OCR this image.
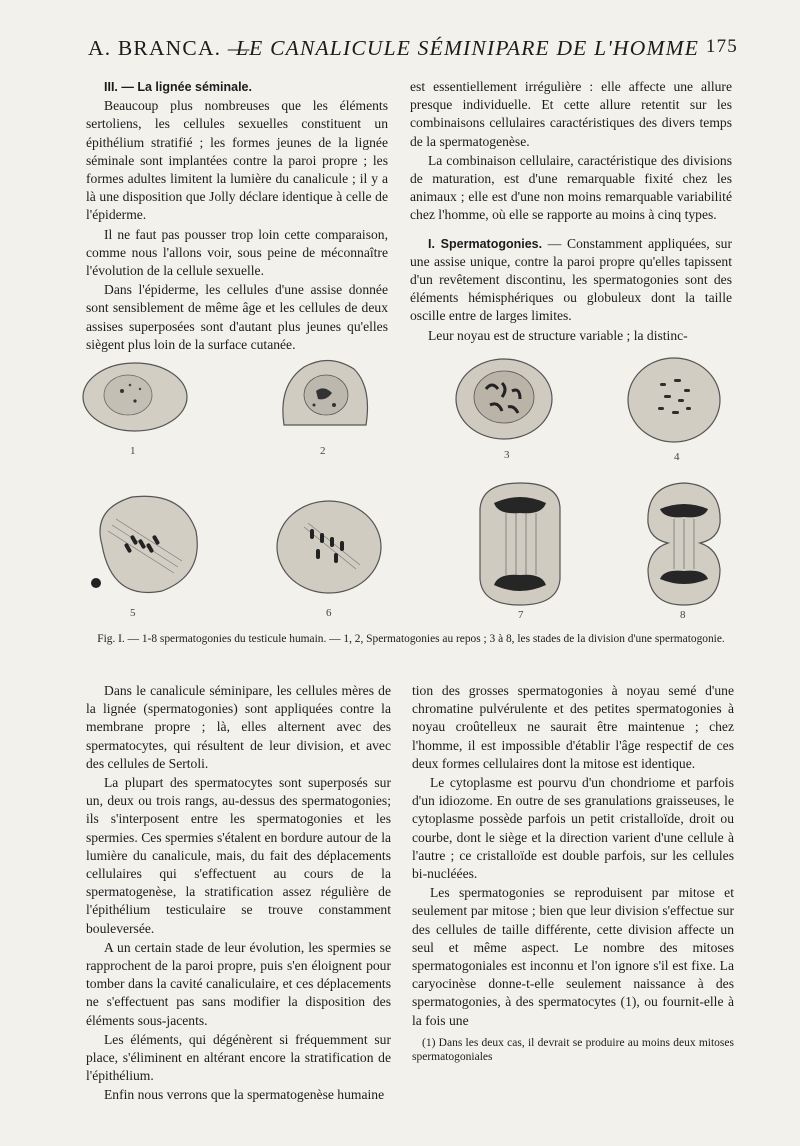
A. BRANCA. —
LE CANALICULE SÉMINIPARE DE L'HOMME 175

III. — La lignée séminale.

Beaucoup plus nombreuses que les éléments sertoliens, les cellules sexuelles constituent un épithélium stratifié ; les formes jeunes de la lignée séminale sont implantées contre la paroi propre ; les formes adultes limitent la lumière du canalicule ; il y a là une disposition que Jolly déclare identique à celle de l'épiderme.

Il ne faut pas pousser trop loin cette comparaison, comme nous l'allons voir, sous peine de méconnaître l'évolution de la cellule sexuelle.

Dans l'épiderme, les cellules d'une assise donnée sont sensiblement de même âge et les cellules de deux assises superposées sont d'autant plus jeunes qu'elles siègent plus loin de la surface cutanée.

est essentiellement irrégulière : elle affecte une allure presque individuelle. Et cette allure retentit sur les combinaisons cellulaires caractéristiques des divers temps de la spermatogenèse.

La combinaison cellulaire, caractéristique des divisions de maturation, est d'une remarquable fixité chez les animaux ; elle est d'une non moins remarquable variabilité chez l'homme, où elle se rapporte au moins à cinq types.

I. Spermatogonies. — Constamment appliquées, sur une assise unique, contre la paroi propre qu'elles tapissent d'un revêtement discontinu, les spermatogonies sont des éléments hémisphériques ou globuleux dont la taille oscille entre de larges limites.

Leur noyau est de structure variable ; la distinc-

1	2	3	4
5	6	7	8
Fig. I. — 1-8 spermatogonies du testicule humain. — 1, 2, Spermatogonies au repos ; 3 à 8, les stades de la division d'une spermatogonie.

Dans le canalicule séminipare, les cellules mères de la lignée (spermatogonies) sont appliquées contre la membrane propre ; là, elles alternent avec des spermatocytes, qui résultent de leur division, et avec des cellules de Sertoli.

La plupart des spermatocytes sont superposés sur un, deux ou trois rangs, au-dessus des spermatogonies; ils s'interposent entre les spermatogonies et les spermies. Ces spermies s'étalent en bordure autour de la lumière du canalicule, mais, du fait des déplacements cellulaires qui s'effectuent au cours de la spermatogenèse, la stratification assez régulière de l'épithélium testiculaire se trouve constamment bouleversée.

A un certain stade de leur évolution, les spermies se rapprochent de la paroi propre, puis s'en éloignent pour tomber dans la cavité canaliculaire, et ces déplacements ne s'effectuent pas sans modifier la disposition des éléments sous-jacents.

Les éléments, qui dégénèrent si fréquemment sur place, s'éliminent en altérant encore la stratification de l'épithélium.

Enfin nous verrons que la spermatogenèse humaine

tion des grosses spermatogonies à noyau semé d'une chromatine pulvérulente et des petites spermatogonies à noyau croûtelleux ne saurait être maintenue ; chez l'homme, il est impossible d'établir l'âge respectif de ces deux formes cellulaires dont la mitose est identique.

Le cytoplasme est pourvu d'un chondriome et parfois d'un idiozome. En outre de ses granulations graisseuses, le cytoplasme possède parfois un petit cristalloïde, droit ou courbe, dont le siège et la direction varient d'une cellule à l'autre ; ce cristalloïde est double parfois, sur les cellules bi-nucléées.

Les spermatogonies se reproduisent par mitose et seulement par mitose ; bien que leur division s'effectue sur des cellules de taille différente, cette division affecte un seul et même aspect. Le nombre des mitoses spermatogoniales est inconnu et l'on ignore s'il est fixe. La caryocinèse donne-t-elle seulement naissance à des spermatogonies, à des spermatocytes (1), ou fournit-elle à la fois une

(1) Dans les deux cas, il devrait se produire au moins deux mitoses spermatogoniales
